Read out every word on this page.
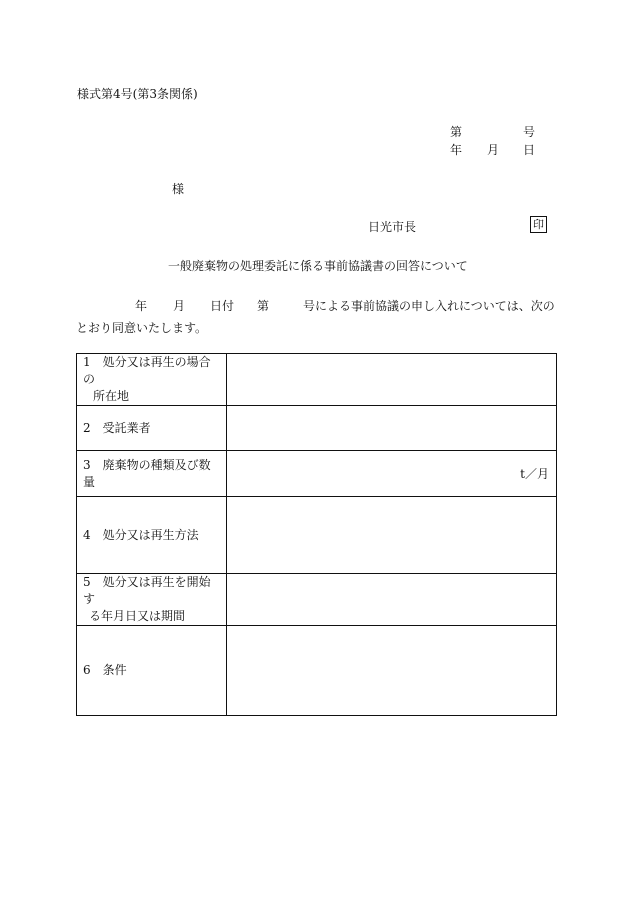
様式第4号(第3条関係)
第	号
年 月 日
様
日光市長	印
一般廃棄物の処理委託に係る事前協議書の回答について
年 月 日付 第	号による事前協議の申し入れについては、次の
とおり同意いたします。
1　処分又は再生の場合の
所在地	

2　受託業者	

3　廃棄物の種類及び数量	t／月

4　処分又は再生方法	

5　処分又は再生を開始す
る年月日又は期間	

6　条件	
